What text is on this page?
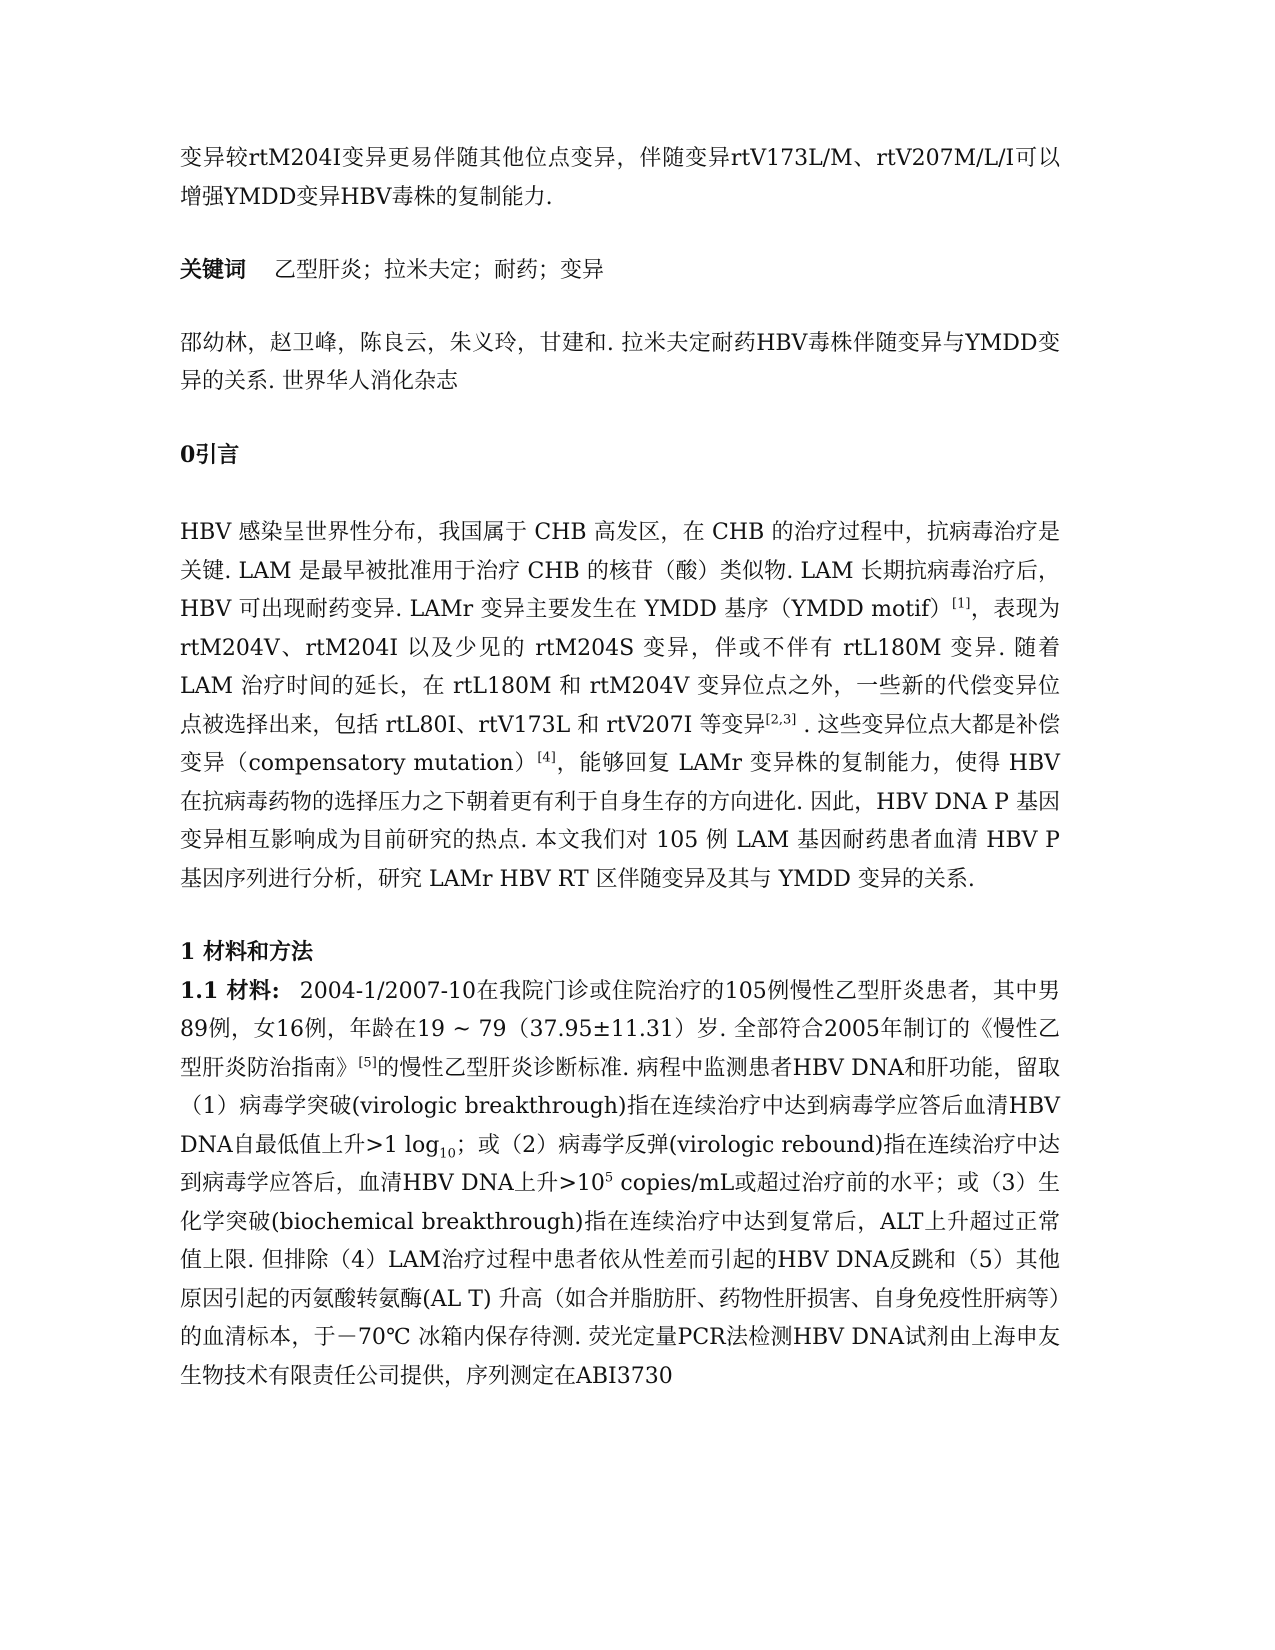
变异较rtM204I变异更易伴随其他位点变异，伴随变异rtV173L/M、rtV207M/L/I可以增强YMDD变异HBV毒株的复制能力.

关键词 乙型肝炎；拉米夫定；耐药；变异

邵幼林，赵卫峰，陈良云，朱义玲，甘建和. 拉米夫定耐药HBV毒株伴随变异与YMDD变异的关系. 世界华人消化杂志

0引言

HBV 感染呈世界性分布，我国属于 CHB 高发区，在 CHB 的治疗过程中，抗病毒治疗是关键. LAM 是最早被批准用于治疗 CHB 的核苷（酸）类似物. LAM 长期抗病毒治疗后，HBV 可出现耐药变异. LAMr 变异主要发生在 YMDD 基序（YMDD motif）[1]，表现为 rtM204V、rtM204I 以及少见的 rtM204S 变异，伴或不伴有 rtL180M 变异. 随着 LAM 治疗时间的延长，在 rtL180M 和 rtM204V 变异位点之外，一些新的代偿变异位点被选择出来，包括 rtL80I、rtV173L 和 rtV207I 等变异[2,3] . 这些变异位点大都是补偿变异（compensatory mutation）[4]，能够回复 LAMr 变异株的复制能力，使得 HBV 在抗病毒药物的选择压力之下朝着更有利于自身生存的方向进化. 因此，HBV DNA P 基因变异相互影响成为目前研究的热点. 本文我们对 105 例 LAM 基因耐药患者血清 HBV P 基因序列进行分析，研究 LAMr HBV RT 区伴随变异及其与 YMDD 变异的关系.

1 材料和方法

1.1 材料: 2004-1/2007-10在我院门诊或住院治疗的105例慢性乙型肝炎患者，其中男89例，女16例，年龄在19 ~ 79（37.95±11.31）岁. 全部符合2005年制订的《慢性乙型肝炎防治指南》[5]的慢性乙型肝炎诊断标准. 病程中监测患者HBV DNA和肝功能，留取（1）病毒学突破(virologic breakthrough)指在连续治疗中达到病毒学应答后血清HBV DNA自最低值上升>1 $\log_{10}$；或（2）病毒学反弹(virologic rebound)指在连续治疗中达到病毒学应答后，血清HBV DNA上升$>10^5$ copies/mL或超过治疗前的水平；或（3）生化学突破(biochemical breakthrough)指在连续治疗中达到复常后，ALT上升超过正常值上限. 但排除（4）LAM治疗过程中患者依从性差而引起的HBV DNA反跳和（5）其他原因引起的丙氨酸转氨酶(AL T) 升高（如合并脂肪肝、药物性肝损害、自身免疫性肝病等）的血清标本，于－70℃ 冰箱内保存待测. 荧光定量PCR法检测HBV DNA试剂由上海申友生物技术有限责任公司提供，序列测定在ABI3730
